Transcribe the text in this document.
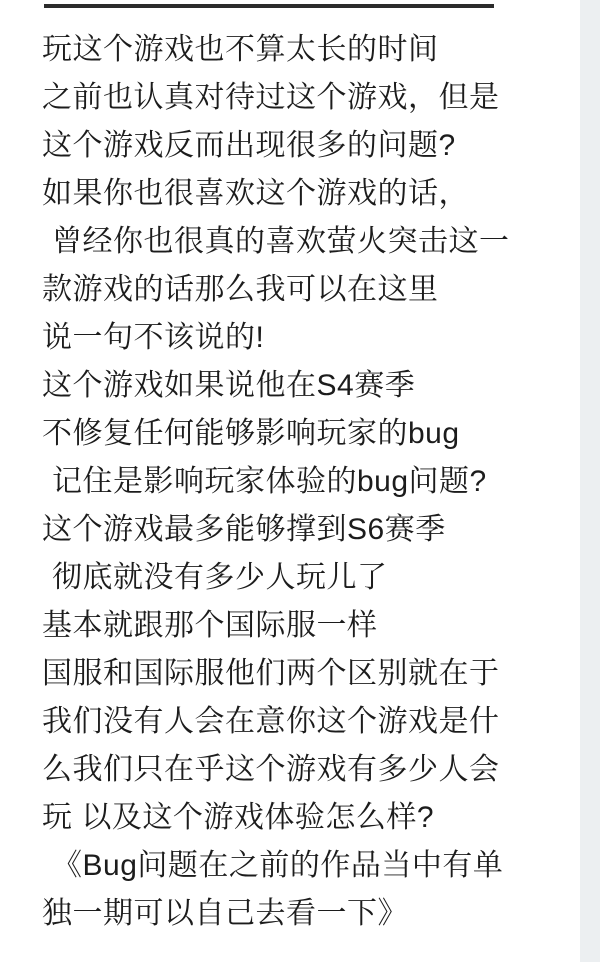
玩这个游戏也不算太长的时间
之前也认真对待过这个游戏，但是
这个游戏反而出现很多的问题?
如果你也很喜欢这个游戏的话，
曾经你也很真的喜欢萤火突击这一
款游戏的话那么我可以在这里
说一句不该说的!
这个游戏如果说他在S4赛季
不修复任何能够影响玩家的bug
记住是影响玩家体验的bug问题?
这个游戏最多能够撑到S6赛季
彻底就没有多少人玩儿了
基本就跟那个国际服一样
国服和国际服他们两个区别就在于
我们没有人会在意你这个游戏是什
么我们只在乎这个游戏有多少人会
玩 以及这个游戏体验怎么样?
《Bug问题在之前的作品当中有单
独一期可以自己去看一下》
